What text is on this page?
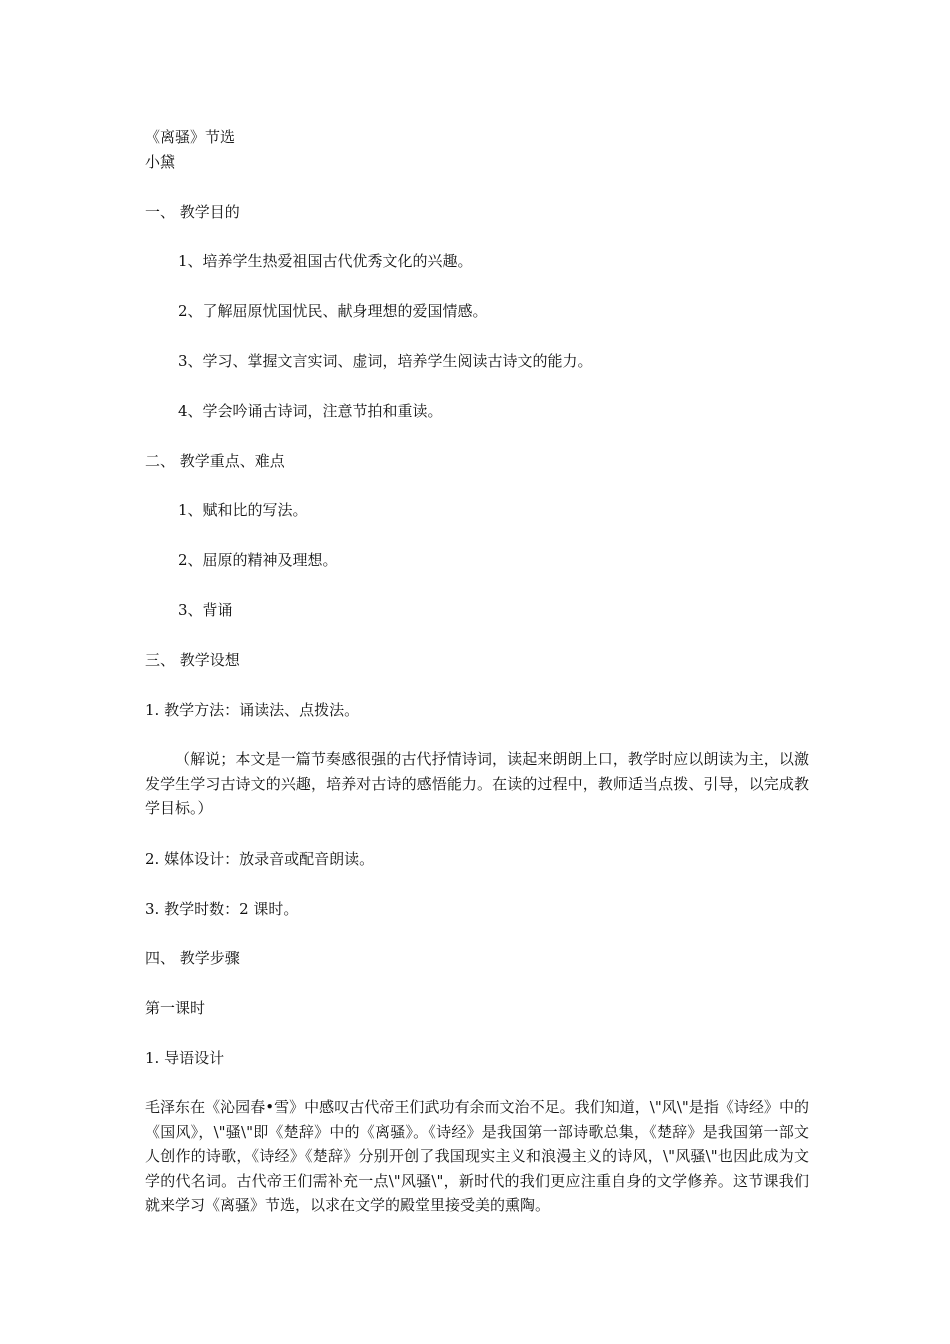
《离骚》节选
小黛
一、 教学目的
1、培养学生热爱祖国古代优秀文化的兴趣。
2、了解屈原忧国忧民、献身理想的爱国情感。
3、学习、掌握文言实词、虚词，培养学生阅读古诗文的能力。
4、学会吟诵古诗词，注意节拍和重读。
二、 教学重点、难点
1、赋和比的写法。
2、屈原的精神及理想。
3、背诵
三、 教学设想
1. 教学方法：诵读法、点拨法。
（解说；本文是一篇节奏感很强的古代抒情诗词，读起来朗朗上口，教学时应以朗读为主，以激发学生学习古诗文的兴趣，培养对古诗的感悟能力。在读的过程中，教师适当点拨、引导，以完成教学目标。）
2. 媒体设计：放录音或配音朗读。
3. 教学时数：2 课时。
四、 教学步骤
第一课时
1. 导语设计
毛泽东在《沁园春•雪》中感叹古代帝王们武功有余而文治不足。我们知道，\"风\"是指《诗经》中的《国风》，\"骚\"即《楚辞》中的《离骚》。《诗经》是我国第一部诗歌总集，《楚辞》是我国第一部文人创作的诗歌，《诗经》《楚辞》分别开创了我国现实主义和浪漫主义的诗风，\"风骚\"也因此成为文学的代名词。古代帝王们需补充一点\"风骚\"，新时代的我们更应注重自身的文学修养。这节课我们就来学习《离骚》节选，以求在文学的殿堂里接受美的熏陶。
